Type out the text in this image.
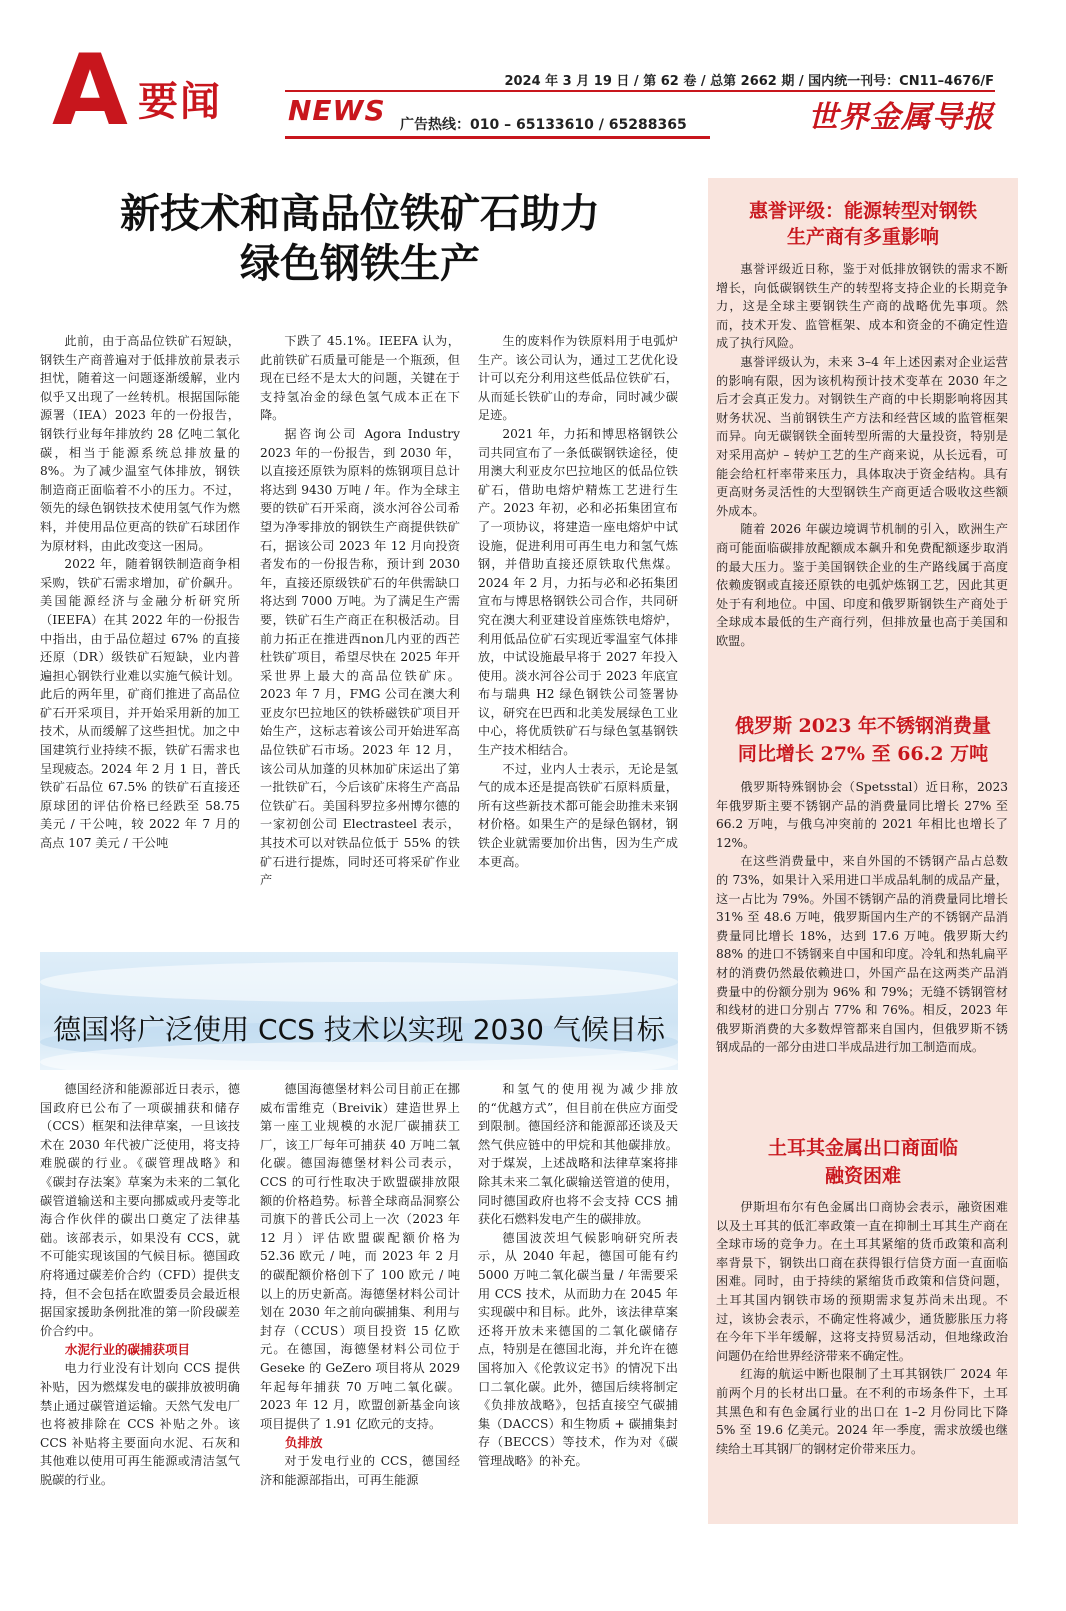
A 要闻	2024 年 3 月 19 日 / 第 62 卷 / 总第 2662 期 / 国内统一刊号：CN11–4676/F
NEWS 广告热线：010 – 65133610 / 65288365	世界金属导报
新技术和高品位铁矿石助力
绿色钢铁生产

此前，由于高品位铁矿石短缺，钢铁生产商普遍对于低排放前景表示担忧，随着这一问题逐渐缓解，业内似乎又出现了一丝转机。根据国际能源署（IEA）2023 年的一份报告，钢铁行业每年排放约 28 亿吨二氧化碳，相当于能源系统总排放量的 8%。为了减少温室气体排放，钢铁制造商正面临着不小的压力。不过，领先的绿色钢铁技术使用氢气作为燃料，并使用品位更高的铁矿石球团作为原材料，由此改变这一困局。

2022 年，随着钢铁制造商争相采购，铁矿石需求增加，矿价飙升。美国能源经济与金融分析研究所（IEEFA）在其 2022 年的一份报告中指出，由于品位超过 67% 的直接还原（DR）级铁矿石短缺，业内普遍担心钢铁行业难以实施气候计划。此后的两年里，矿商们推进了高品位矿石开采项目，并开始采用新的加工技术，从而缓解了这些担忧。加之中国建筑行业持续不振，铁矿石需求也呈现疲态。2024 年 2 月 1 日，普氏铁矿石品位 67.5% 的铁矿石直接还原球团的评估价格已经跌至 58.75 美元 / 干公吨，较 2022 年 7 月的高点 107 美元 / 干公吨

下跌了 45.1%。IEEFA 认为，此前铁矿石质量可能是一个瓶颈，但现在已经不是太大的问题，关键在于支持氢冶金的绿色氢气成本正在下降。

据咨询公司 Agora Industry 2023 年的一份报告，到 2030 年，以直接还原铁为原料的炼钢项目总计将达到 9430 万吨 / 年。作为全球主要的铁矿石开采商，淡水河谷公司希望为净零排放的钢铁生产商提供铁矿石，据该公司 2023 年 12 月向投资者发布的一份报告称，预计到 2030 年，直接还原级铁矿石的年供需缺口将达到 7000 万吨。为了满足生产需要，铁矿石生产商正在积极活动。目前力拓正在推进西non几内亚的西芒杜铁矿项目，希望尽快在 2025 年开采世界上最大的高品位铁矿床。2023 年 7 月，FMG 公司在澳大利亚皮尔巴拉地区的铁桥磁铁矿项目开始生产，这标志着该公司开始进军高品位铁矿石市场。2023 年 12 月，该公司从加蓬的贝林加矿床运出了第一批铁矿石，今后该矿床将生产高品位铁矿石。美国科罗拉多州博尔德的一家初创公司 Electrasteel 表示，其技术可以对铁品位低于 55% 的铁矿石进行提炼，同时还可将采矿作业产

生的废料作为铁原料用于电弧炉生产。该公司认为，通过工艺优化设计可以充分利用这些低品位铁矿石，从而延长铁矿山的寿命，同时减少碳足迹。

2021 年，力拓和博思格钢铁公司共同宣布了一条低碳钢铁途径，使用澳大利亚皮尔巴拉地区的低品位铁矿石，借助电熔炉精炼工艺进行生产。2023 年初，必和必拓集团宣布了一项协议，将建造一座电熔炉中试设施，促进利用可再生电力和氢气炼钢，并借助直接还原铁取代焦煤。2024 年 2 月，力拓与必和必拓集团宣布与博思格钢铁公司合作，共同研究在澳大利亚建设首座炼铁电熔炉，利用低品位矿石实现近零温室气体排放，中试设施最早将于 2027 年投入使用。淡水河谷公司于 2023 年底宣布与瑞典 H2 绿色钢铁公司签署协议，研究在巴西和北美发展绿色工业中心，将优质铁矿石与绿色氢基钢铁生产技术相结合。

不过，业内人士表示，无论是氢气的成本还是提高铁矿石原料质量，所有这些新技术都可能会助推未来钢材价格。如果生产的是绿色钢材，钢铁企业就需要加价出售，因为生产成本更高。

德国将广泛使用 CCS 技术以实现 2030 气候目标

德国经济和能源部近日表示，德国政府已公布了一项碳捕获和储存（CCS）框架和法律草案，一旦该技术在 2030 年代被广泛使用，将支持难脱碳的行业。《碳管理战略》和《碳封存法案》草案为未来的二氧化碳管道输送和主要向挪威或丹麦等北海合作伙伴的碳出口奠定了法律基础。该部表示，如果没有 CCS，就不可能实现该国的气候目标。德国政府将通过碳差价合约（CFD）提供支持，但不会包括在欧盟委员会最近根据国家援助条例批准的第一阶段碳差价合约中。

水泥行业的碳捕获项目

电力行业没有计划向 CCS 提供补贴，因为燃煤发电的碳排放被明确禁止通过碳管道运输。天然气发电厂也将被排除在 CCS 补贴之外。该 CCS 补贴将主要面向水泥、石灰和其他难以使用可再生能源或清洁氢气脱碳的行业。

德国海德堡材料公司目前正在挪威布雷维克（Breivik）建造世界上第一座工业规模的水泥厂碳捕获工厂，该工厂每年可捕获 40 万吨二氧化碳。德国海德堡材料公司表示，CCS 的可行性取决于欧盟碳排放限额的价格趋势。标普全球商品洞察公司旗下的普氏公司上一次（2023 年 12 月）评估欧盟碳配额价格为 52.36 欧元 / 吨，而 2023 年 2 月的碳配额价格创下了 100 欧元 / 吨以上的历史新高。海德堡材料公司计划在 2030 年之前向碳捕集、利用与封存（CCUS）项目投资 15 亿欧元。在德国，海德堡材料公司位于 Geseke 的 GeZero 项目将从 2029 年起每年捕获 70 万吨二氧化碳。2023 年 12 月，欧盟创新基金向该项目提供了 1.91 亿欧元的支持。

负排放

对于发电行业的 CCS，德国经济和能源部指出，可再生能源

和氢气的使用视为减少排放的“优越方式”，但目前在供应方面受到限制。德国经济和能源部还谈及天然气供应链中的甲烷和其他碳排放。对于煤炭，上述战略和法律草案将排除其未来二氧化碳输送管道的使用，同时德国政府也将不会支持 CCS 捕获化石燃料发电产生的碳排放。

德国波茨坦气候影响研究所表示，从 2040 年起，德国可能有约 5000 万吨二氧化碳当量 / 年需要采用 CCS 技术，从而助力在 2045 年实现碳中和目标。此外，该法律草案还将开放未来德国的二氧化碳储存点，特别是在德国北海，并允许在德国将加入《伦敦议定书》的情况下出口二氧化碳。此外，德国后续将制定《负排放战略》，包括直接空气碳捕集（DACCS）和生物质 + 碳捕集封存（BECCS）等技术，作为对《碳管理战略》的补充。

惠誉评级：能源转型对钢铁
生产商有多重影响

惠誉评级近日称，鉴于对低排放钢铁的需求不断增长，向低碳钢铁生产的转型将支持企业的长期竞争力，这是全球主要钢铁生产商的战略优先事项。然而，技术开发、监管框架、成本和资金的不确定性造成了执行风险。

惠誉评级认为，未来 3–4 年上述因素对企业运营的影响有限，因为该机构预计技术变革在 2030 年之后才会真正发力。对钢铁生产商的中长期影响将因其财务状况、当前钢铁生产方法和经营区域的监管框架而异。向无碳钢铁全面转型所需的大量投资，特别是对采用高炉 – 转炉工艺的生产商来说，从长远看，可能会给杠杆率带来压力，具体取决于资金结构。具有更高财务灵活性的大型钢铁生产商更适合吸收这些额外成本。

随着 2026 年碳边境调节机制的引入，欧洲生产商可能面临碳排放配额成本飙升和免费配额逐步取消的最大压力。鉴于美国钢铁企业的生产路线属于高度依赖废钢或直接还原铁的电弧炉炼钢工艺，因此其更处于有利地位。中国、印度和俄罗斯钢铁生产商处于全球成本最低的生产商行列，但排放量也高于美国和欧盟。

俄罗斯 2023 年不锈钢消费量
同比增长 27% 至 66.2 万吨

俄罗斯特殊钢协会（Spetsstal）近日称，2023 年俄罗斯主要不锈钢产品的消费量同比增长 27% 至 66.2 万吨，与俄乌冲突前的 2021 年相比也增长了 12%。

在这些消费量中，来自外国的不锈钢产品占总数的 73%，如果计入采用进口半成品轧制的成品产量，这一占比为 79%。外国不锈钢产品的消费量同比增长 31% 至 48.6 万吨，俄罗斯国内生产的不锈钢产品消费量同比增长 18%，达到 17.6 万吨。俄罗斯大约 88% 的进口不锈钢来自中国和印度。冷轧和热轧扁平材的消费仍然最依赖进口，外国产品在这两类产品消费量中的份额分别为 96% 和 79%；无缝不锈钢管材和线材的进口分别占 77% 和 76%。相反，2023 年俄罗斯消费的大多数焊管都来自国内，但俄罗斯不锈钢成品的一部分由进口半成品进行加工制造而成。

土耳其金属出口商面临
融资困难

伊斯坦布尔有色金属出口商协会表示，融资困难以及土耳其的低汇率政策一直在抑制土耳其生产商在全球市场的竞争力。在土耳其紧缩的货币政策和高利率背景下，钢铁出口商在获得银行信贷方面一直面临困难。同时，由于持续的紧缩货币政策和信贷问题，土耳其国内钢铁市场的预期需求复苏尚未出现。不过，该协会表示，不确定性将减少，通货膨胀压力将在今年下半年缓解，这将支持贸易活动，但地缘政治问题仍在给世界经济带来不确定性。

红海的航运中断也限制了土耳其钢铁厂 2024 年前两个月的长材出口量。在不利的市场条件下，土耳其黑色和有色金属行业的出口在 1–2 月份同比下降 5% 至 19.6 亿美元。2024 年一季度，需求放缓也继续给土耳其钢厂的钢材定价带来压力。
